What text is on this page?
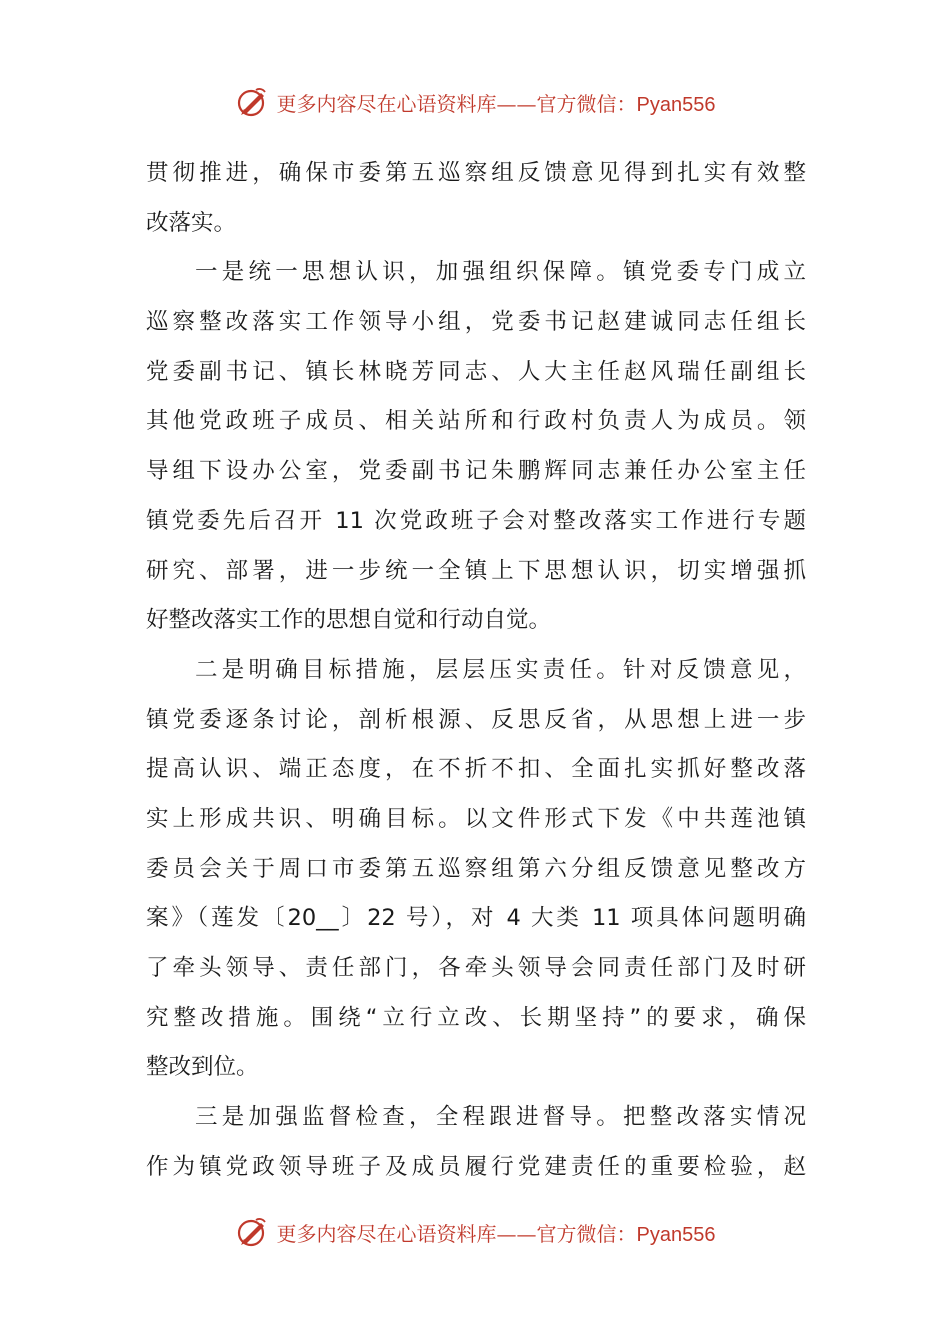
更多内容尽在心语资料库——官方微信：Pyan556
贯彻推进，确保市委第五巡察组反馈意见得到扎实有效整
改落实。
一是统一思想认识，加强组织保障。镇党委专门成立
巡察整改落实工作领导小组，党委书记赵建诚同志任组长
党委副书记、镇长林晓芳同志、人大主任赵风瑞任副组长
其他党政班子成员、相关站所和行政村负责人为成员。领
导组下设办公室，党委副书记朱鹏辉同志兼任办公室主任
镇党委先后召开 11 次党政班子会对整改落实工作进行专题
研究、部署，进一步统一全镇上下思想认识，切实增强抓
好整改落实工作的思想自觉和行动自觉。
二是明确目标措施，层层压实责任。针对反馈意见，
镇党委逐条讨论，剖析根源、反思反省，从思想上进一步
提高认识、端正态度，在不折不扣、全面扎实抓好整改落
实上形成共识、明确目标。以文件形式下发《中共莲池镇
委员会关于周口市委第五巡察组第六分组反馈意见整改方
案》（莲发〔20__〕22 号），对 4 大类 11 项具体问题明确
了牵头领导、责任部门，各牵头领导会同责任部门及时研
究整改措施。围绕“立行立改、长期坚持”的要求，确保
整改到位。
三是加强监督检查，全程跟进督导。把整改落实情况
作为镇党政领导班子及成员履行党建责任的重要检验，赵
更多内容尽在心语资料库——官方微信：Pyan556
